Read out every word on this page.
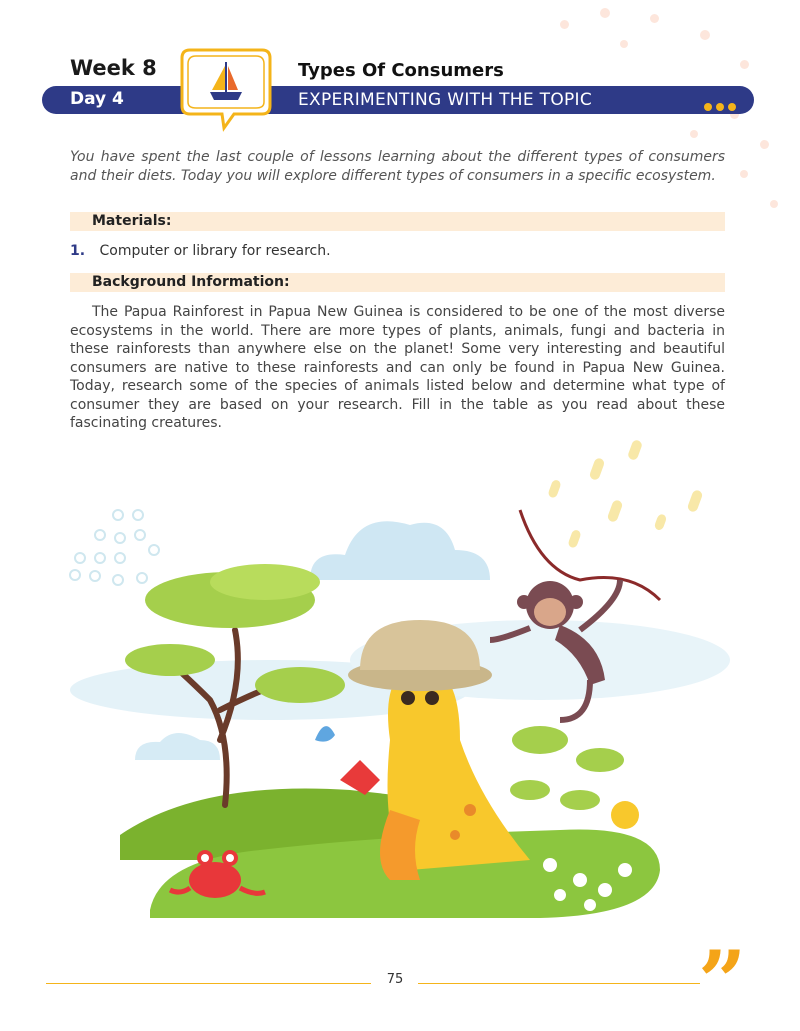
Week 8	Types Of Consumers
Day 4	EXPERIMENTING WITH THE TOPIC
You have spent the last couple of lessons learning about the different types of consumers and their diets. Today you will explore different types of consumers in a specific ecosystem.
Materials:
1. Computer or library for research.
Background Information:
The Papua Rainforest in Papua New Guinea is considered to be one of the most diverse ecosystems in the world. There are more types of plants, animals, fungi and bacteria in these rainforests than anywhere else on the planet! Some very interesting and beautiful consumers are native to these rainforests and can only be found in Papua New Guinea. Today, research some of the species of animals listed below and determine what type of consumer they are based on your research. Fill in the table as you read about these fascinating creatures.
75	”
